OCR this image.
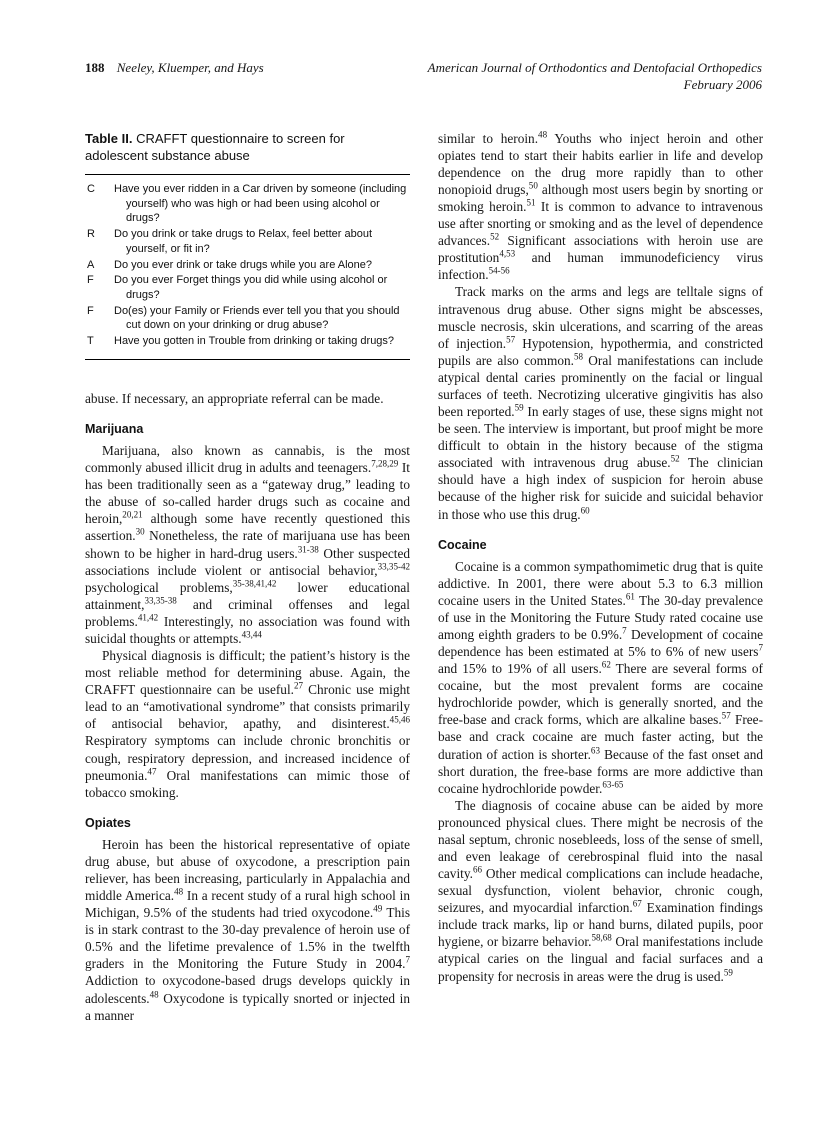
188 Neeley, Kluemper, and Hays	American Journal of Orthodontics and Dentofacial Orthopedics
February 2006
Table II. CRAFFT questionnaire to screen for adolescent substance abuse
C Have you ever ridden in a Car driven by someone (including yourself) who was high or had been using alcohol or drugs?
R Do you drink or take drugs to Relax, feel better about yourself, or fit in?
A Do you ever drink or take drugs while you are Alone?
F Do you ever Forget things you did while using alcohol or drugs?
F Do(es) your Family or Friends ever tell you that you should cut down on your drinking or drug abuse?
T Have you gotten in Trouble from drinking or taking drugs?

abuse. If necessary, an appropriate referral can be made.

Marijuana

Marijuana, also known as cannabis, is the most commonly abused illicit drug in adults and teenagers.$^{7,28,29}$ It has been traditionally seen as a “gateway drug,” leading to the abuse of so-called harder drugs such as cocaine and heroin,$^{20,21}$ although some have recently questioned this assertion.$^{30}$ Nonetheless, the rate of marijuana use has been shown to be higher in hard-drug users.$^{31-38}$ Other suspected associations include violent or antisocial behavior,$^{33,35-42}$ psychological problems,$^{35-38,41,42}$ lower educational attainment,$^{33,35-38}$ and criminal offenses and legal problems.$^{41,42}$ Interestingly, no association was found with suicidal thoughts or attempts.$^{43,44}$

Physical diagnosis is difficult; the patient’s history is the most reliable method for determining abuse. Again, the CRAFFT questionnaire can be useful.$^{27}$ Chronic use might lead to an “amotivational syndrome” that consists primarily of antisocial behavior, apathy, and disinterest.$^{45,46}$ Respiratory symptoms can include chronic bronchitis or cough, respiratory depression, and increased incidence of pneumonia.$^{47}$ Oral manifestations can mimic those of tobacco smoking.

Opiates

Heroin has been the historical representative of opiate drug abuse, but abuse of oxycodone, a prescription pain reliever, has been increasing, particularly in Appalachia and middle America.$^{48}$ In a recent study of a rural high school in Michigan, 9.5% of the students had tried oxycodone.$^{49}$ This is in stark contrast to the 30-day prevalence of heroin use of 0.5% and the lifetime prevalence of 1.5% in the twelfth graders in the Monitoring the Future Study in 2004.$^7$ Addiction to oxycodone-based drugs develops quickly in adolescents.$^{48}$ Oxycodone is typically snorted or injected in a manner

similar to heroin.$^{48}$ Youths who inject heroin and other opiates tend to start their habits earlier in life and develop dependence on the drug more rapidly than to other nonopioid drugs,$^{50}$ although most users begin by snorting or smoking heroin.$^{51}$ It is common to advance to intravenous use after snorting or smoking and as the level of dependence advances.$^{52}$ Significant associations with heroin use are prostitution$^{4,53}$ and human immunodeficiency virus infection.$^{54-56}$

Track marks on the arms and legs are telltale signs of intravenous drug abuse. Other signs might be abscesses, muscle necrosis, skin ulcerations, and scarring of the areas of injection.$^{57}$ Hypotension, hypothermia, and constricted pupils are also common.$^{58}$ Oral manifestations can include atypical dental caries prominently on the facial or lingual surfaces of teeth. Necrotizing ulcerative gingivitis has also been reported.$^{59}$ In early stages of use, these signs might not be seen. The interview is important, but proof might be more difficult to obtain in the history because of the stigma associated with intravenous drug abuse.$^{52}$ The clinician should have a high index of suspicion for heroin abuse because of the higher risk for suicide and suicidal behavior in those who use this drug.$^{60}$

Cocaine

Cocaine is a common sympathomimetic drug that is quite addictive. In 2001, there were about 5.3 to 6.3 million cocaine users in the United States.$^{61}$ The 30-day prevalence of use in the Monitoring the Future Study rated cocaine use among eighth graders to be 0.9%.$^7$ Development of cocaine dependence has been estimated at 5% to 6% of new users$^7$ and 15% to 19% of all users.$^{62}$ There are several forms of cocaine, but the most prevalent forms are cocaine hydrochloride powder, which is generally snorted, and the free-base and crack forms, which are alkaline bases.$^{57}$ Free-base and crack cocaine are much faster acting, but the duration of action is shorter.$^{63}$ Because of the fast onset and short duration, the free-base forms are more addictive than cocaine hydrochloride powder.$^{63-65}$

The diagnosis of cocaine abuse can be aided by more pronounced physical clues. There might be necrosis of the nasal septum, chronic nosebleeds, loss of the sense of smell, and even leakage of cerebrospinal fluid into the nasal cavity.$^{66}$ Other medical complications can include headache, sexual dysfunction, violent behavior, chronic cough, seizures, and myocardial infarction.$^{67}$ Examination findings include track marks, lip or hand burns, dilated pupils, poor hygiene, or bizarre behavior.$^{58,68}$ Oral manifestations include atypical caries on the lingual and facial surfaces and a propensity for necrosis in areas were the drug is used.$^{59}$
